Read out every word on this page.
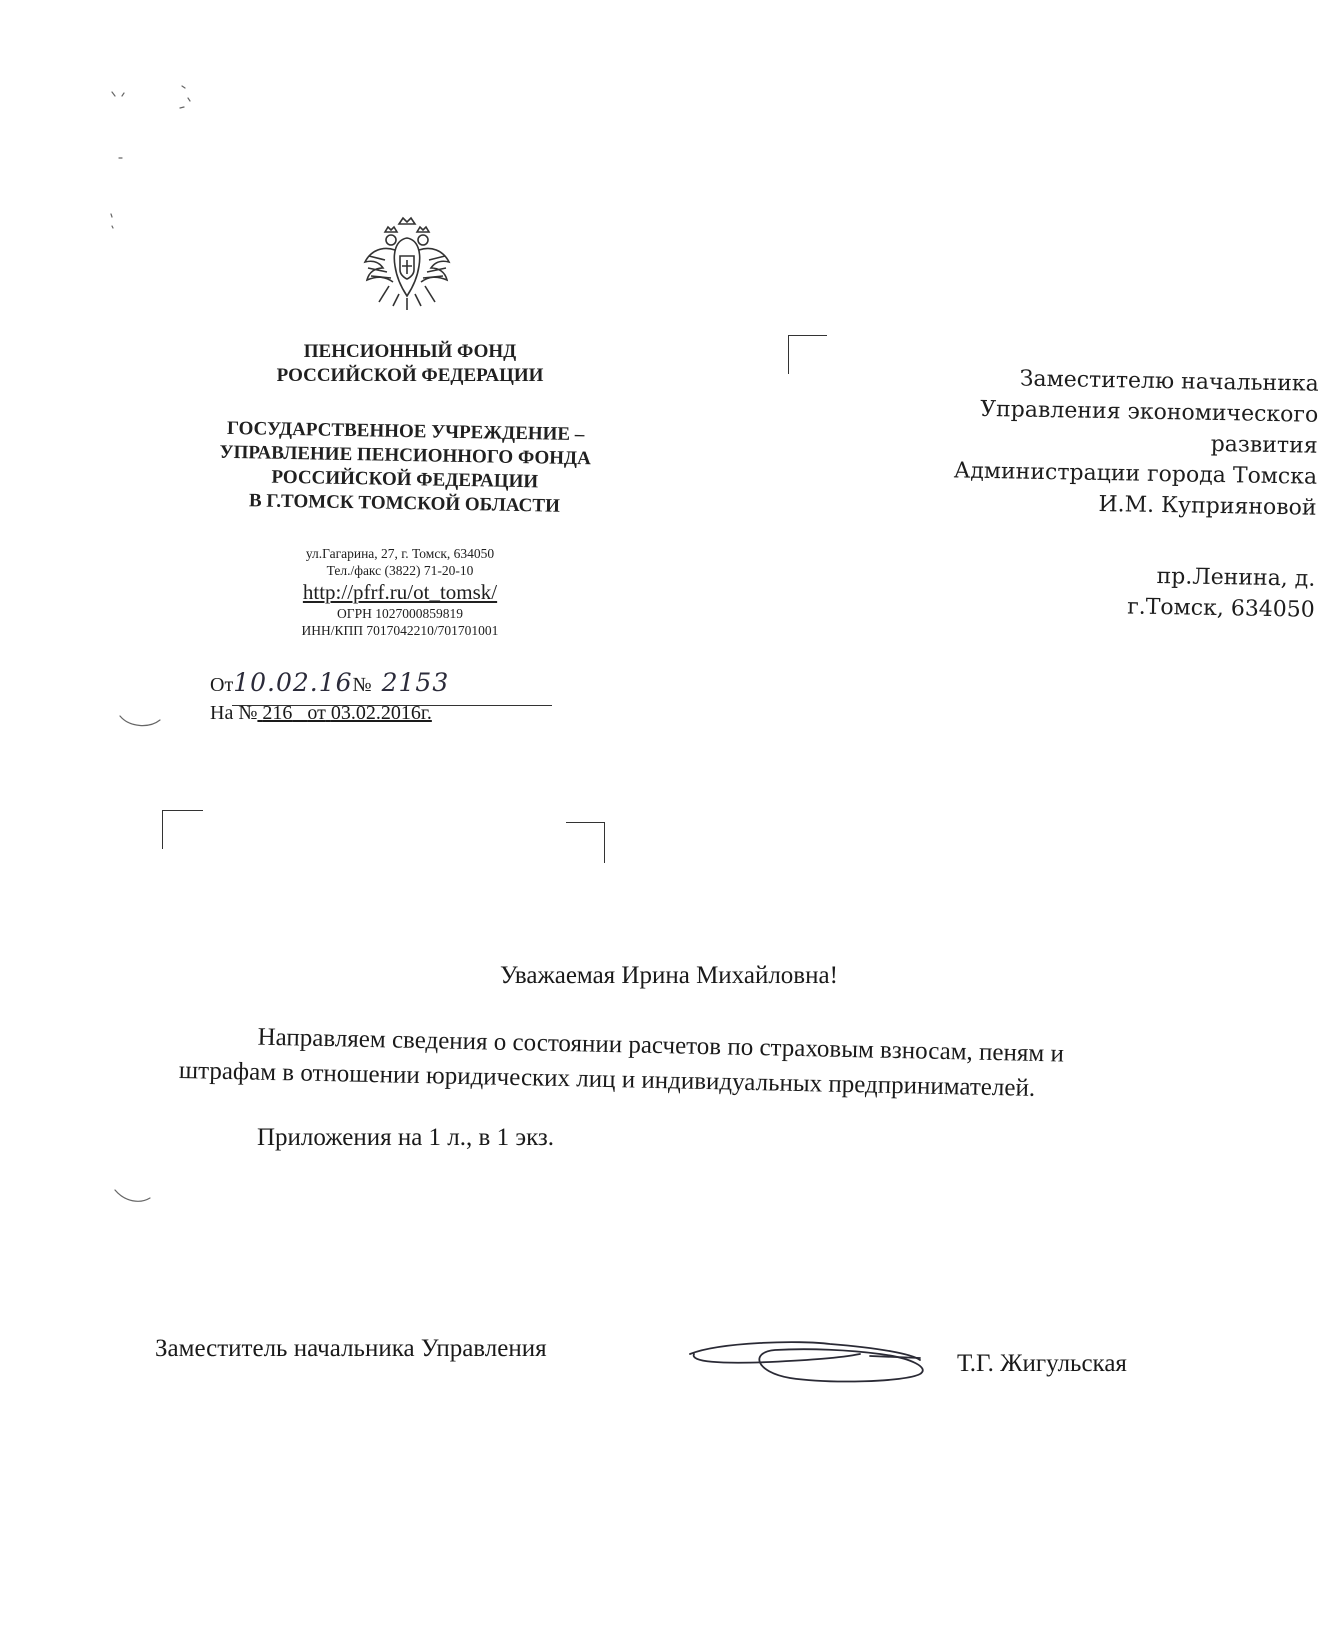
ПЕНСИОННЫЙ ФОНД
РОССИЙСКОЙ ФЕДЕРАЦИИ
ГОСУДАРСТВЕННОЕ УЧРЕЖДЕНИЕ –
УПРАВЛЕНИЕ ПЕНСИОННОГО ФОНДА
РОССИЙСКОЙ ФЕДЕРАЦИИ
В Г.ТОМСК ТОМСКОЙ ОБЛАСТИ
ул.Гагарина, 27, г. Томск, 634050
Тел./факс (3822) 71-20-10
http://pfrf.ru/ot_tomsk/
ОГРН 1027000859819
ИНН/КПП 7017042210/701701001
От10.02.16№ 2153
На № 216 от 03.02.2016г.
Заместителю начальника
Управления экономического
развития
Администрации города Томска
И.М. Куприяновой
пр.Ленина, д.
г.Томск, 634050
Уважаемая Ирина Михайловна!
Направляем сведения о состоянии расчетов по страховым взносам, пеням и
штрафам в отношении юридических лиц и индивидуальных предпринимателей.
Приложения на 1 л., в 1 экз.
Заместитель начальника Управления
Т.Г. Жигульская
